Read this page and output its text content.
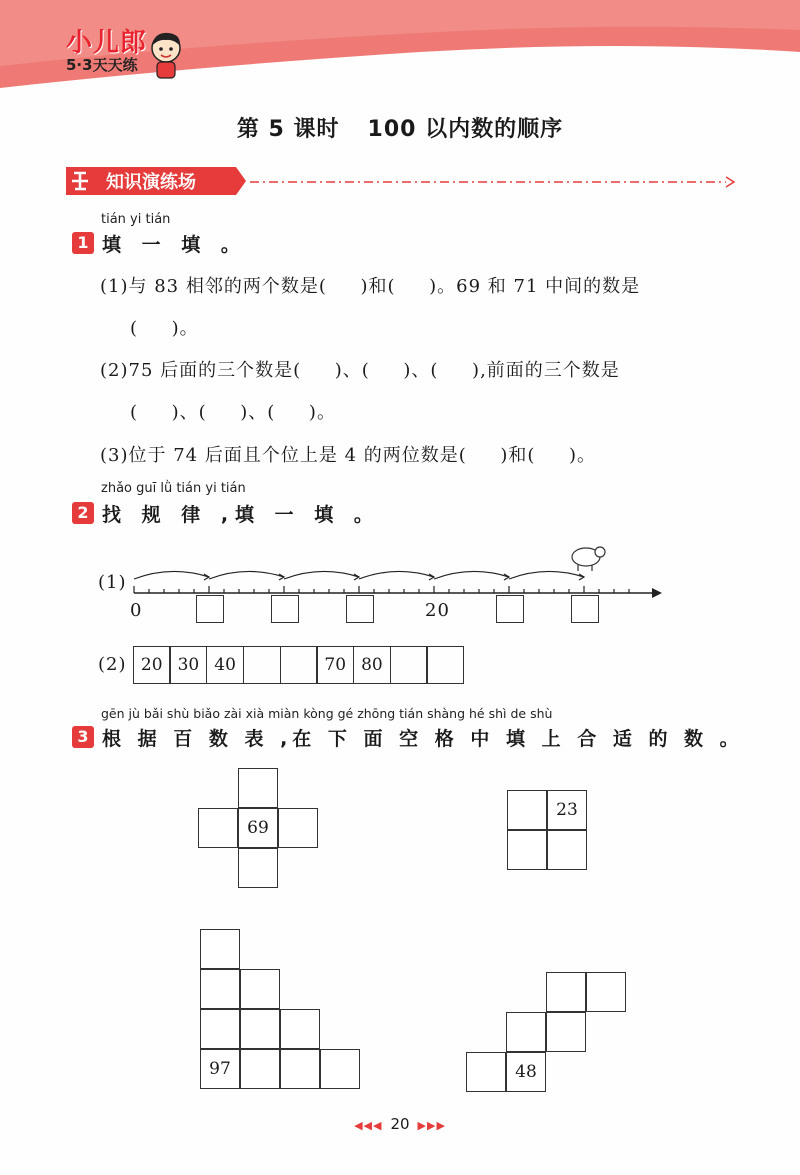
小儿郎
5·3天天练
第 5 课时 100 以内数的顺序
知识演练场
tián yi tián
1 填 一 填 。
(1)与 83 相邻的两个数是(     )和(     )。69 和 71 中间的数是
(     )。
(2)75 后面的三个数是(     )、(     )、(     ),前面的三个数是
(     )、(     )、(     )。
(3)位于 74 后面且个位上是 4 的两位数是(     )和(     )。
zhǎo guī lǜ tián yi tián
2 找 规 律 ,填 一 填 。
(1)
0	20
(2) 20 30 40	70 80
gēn jù bǎi shù biǎo zài xià miàn kòng gé zhōng tián shàng hé shì de shù
3 根 据 百 数 表 ,在 下 面 空 格 中 填 上 合 适 的 数 。
69
23
97	48
◀◀◀ 20 ▶▶▶
